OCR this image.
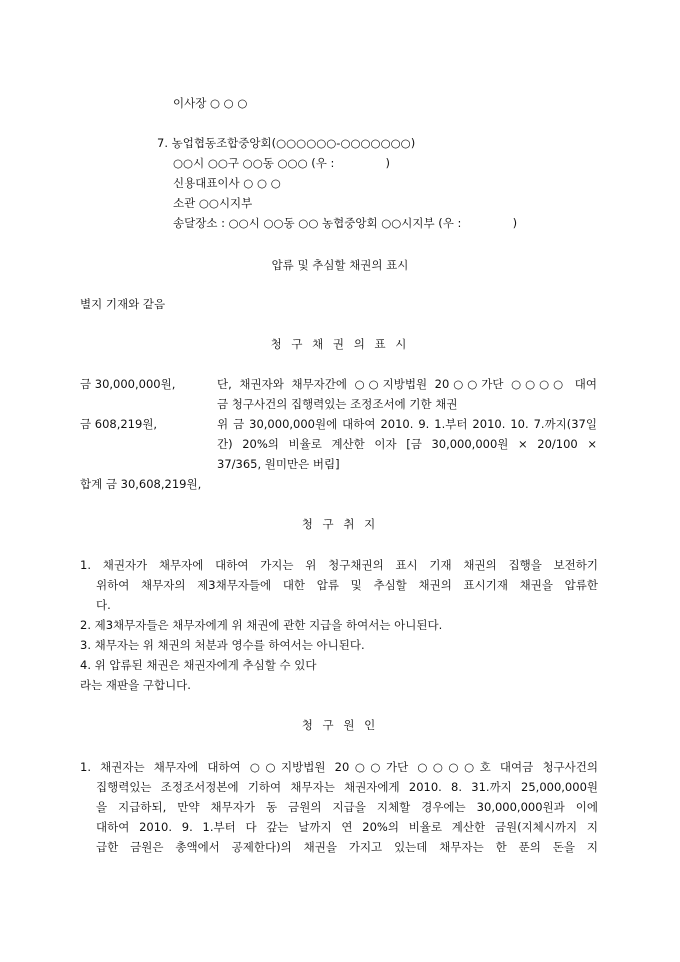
이사장 ○ ○ ○
7. 농업협동조합중앙회(○○○○○○-○○○○○○○)
○○시 ○○구 ○○동 ○○○ (우 :              )
신용대표이사 ○ ○ ○
소관 ○○시지부
송달장소 : ○○시 ○○동 ○○ 농협중앙회 ○○시지부 (우 :              )
압류 및 추심할 채권의 표시
별지 기재와 같음
청 구 채 권 의 표 시
금 30,000,000원,	단, 채권자와 채무자간에 ○○지방법원 20○○가단 ○○○○ 대여
금 청구사건의 집행력있는 조정조서에 기한 채권
금 608,219원,	위 금 30,000,000원에 대하여 2010. 9. 1.부터 2010. 10. 7.까지(37일
간) 20%의 비율로 계산한 이자 [금 30,000,000원 × 20/100 ×
37/365, 원미만은 버림]
합계 금 30,608,219원,
청 구 취 지
1. 채권자가 채무자에 대하여 가지는 위 청구채권의 표시 기재 채권의 집행을 보전하기
위하여 채무자의 제3채무자들에 대한 압류 및 추심할 채권의 표시기재 채권을 압류한
다.
2. 제3채무자들은 채무자에게 위 채권에 관한 지급을 하여서는 아니된다.
3. 채무자는 위 채권의 처분과 영수를 하여서는 아니된다.
4. 위 압류된 채권은 채권자에게 추심할 수 있다
라는 재판을 구합니다.
청 구 원 인
1. 채권자는 채무자에 대하여 ○○지방법원 20○○가단 ○○○○호 대여금 청구사건의
집행력있는 조정조서정본에 기하여 채무자는 채권자에게 2010. 8. 31.까지 25,000,000원
을 지급하되, 만약 채무자가 동 금원의 지급을 지체할 경우에는 30,000,000원과 이에
대하여 2010. 9. 1.부터 다 갚는 날까지 연 20%의 비율로 계산한 금원(지체시까지 지
급한 금원은 총액에서 공제한다)의 채권을 가지고 있는데 채무자는 한 푼의 돈을 지
